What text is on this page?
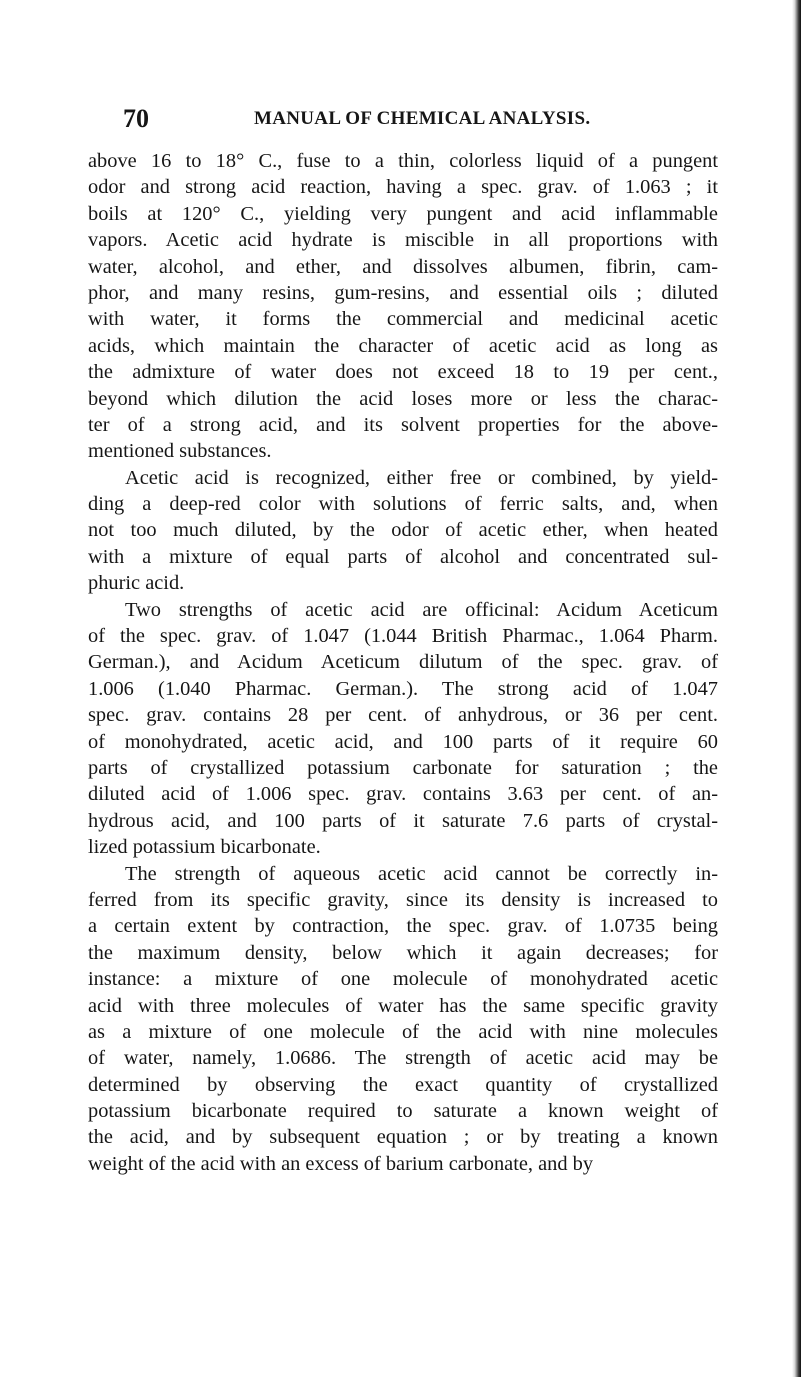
70	MANUAL OF CHEMICAL ANALYSIS.
above 16 to 18° C., fuse to a thin, colorless liquid of a pungent
odor and strong acid reaction, having a spec. grav. of 1.063 ; it
boils at 120° C., yielding very pungent and acid inflammable
vapors. Acetic acid hydrate is miscible in all proportions with
water, alcohol, and ether, and dissolves albumen, fibrin, cam-
phor, and many resins, gum-resins, and essential oils ; diluted
with water, it forms the commercial and medicinal acetic
acids, which maintain the character of acetic acid as long as
the admixture of water does not exceed 18 to 19 per cent.,
beyond which dilution the acid loses more or less the charac-
ter of a strong acid, and its solvent properties for the above-
mentioned substances.
Acetic acid is recognized, either free or combined, by yield-
ding a deep-red color with solutions of ferric salts, and, when
not too much diluted, by the odor of acetic ether, when heated
with a mixture of equal parts of alcohol and concentrated sul-
phuric acid.
Two strengths of acetic acid are officinal: Acidum Aceticum
of the spec. grav. of 1.047 (1.044 British Pharmac., 1.064 Pharm.
German.), and Acidum Aceticum dilutum of the spec. grav. of
1.006 (1.040 Pharmac. German.). The strong acid of 1.047
spec. grav. contains 28 per cent. of anhydrous, or 36 per cent.
of monohydrated, acetic acid, and 100 parts of it require 60
parts of crystallized potassium carbonate for saturation ; the
diluted acid of 1.006 spec. grav. contains 3.63 per cent. of an-
hydrous acid, and 100 parts of it saturate 7.6 parts of crystal-
lized potassium bicarbonate.
The strength of aqueous acetic acid cannot be correctly in-
ferred from its specific gravity, since its density is increased to
a certain extent by contraction, the spec. grav. of 1.0735 being
the maximum density, below which it again decreases; for
instance: a mixture of one molecule of monohydrated acetic
acid with three molecules of water has the same specific gravity
as a mixture of one molecule of the acid with nine molecules
of water, namely, 1.0686. The strength of acetic acid may be
determined by observing the exact quantity of crystallized
potassium bicarbonate required to saturate a known weight of
the acid, and by subsequent equation ; or by treating a known
weight of the acid with an excess of barium carbonate, and by
